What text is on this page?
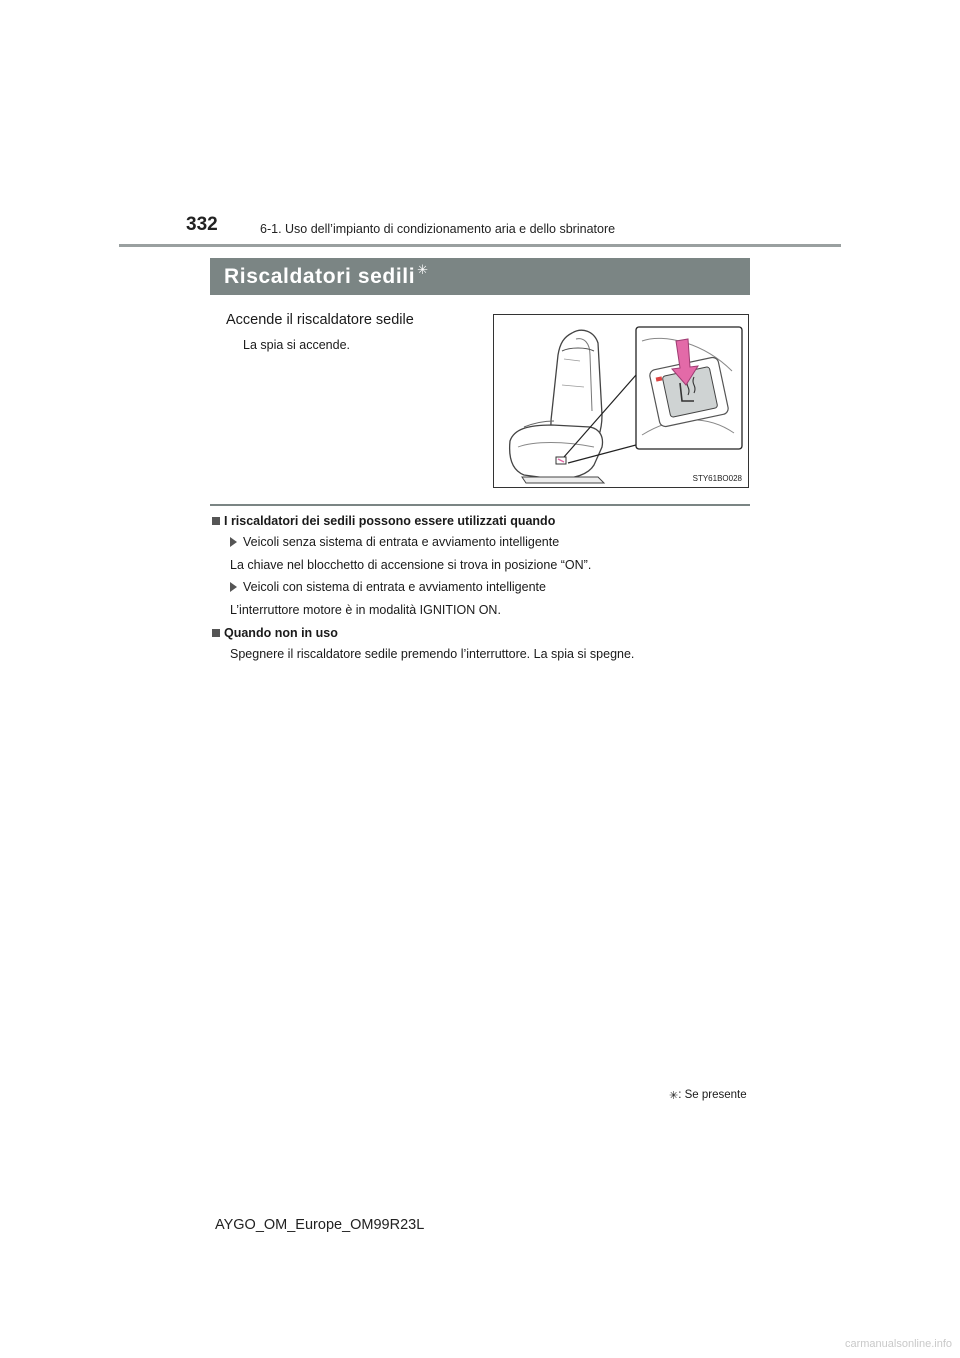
332	6-1. Uso dell’impianto di condizionamento aria e dello sbrinatore
Riscaldatori sedili ✳
Accende il riscaldatore sedile
La spia si accende.
STY61BO028
I riscaldatori dei sedili possono essere utilizzati quando
Veicoli senza sistema di entrata e avviamento intelligente
La chiave nel blocchetto di accensione si trova in posizione “ON”.
Veicoli con sistema di entrata e avviamento intelligente
L’interruttore motore è in modalità IGNITION ON.
Quando non in uso
Spegnere il riscaldatore sedile premendo l’interruttore. La spia si spegne.
✳: Se presente
AYGO_OM_Europe_OM99R23L
carmanualsonline.info
